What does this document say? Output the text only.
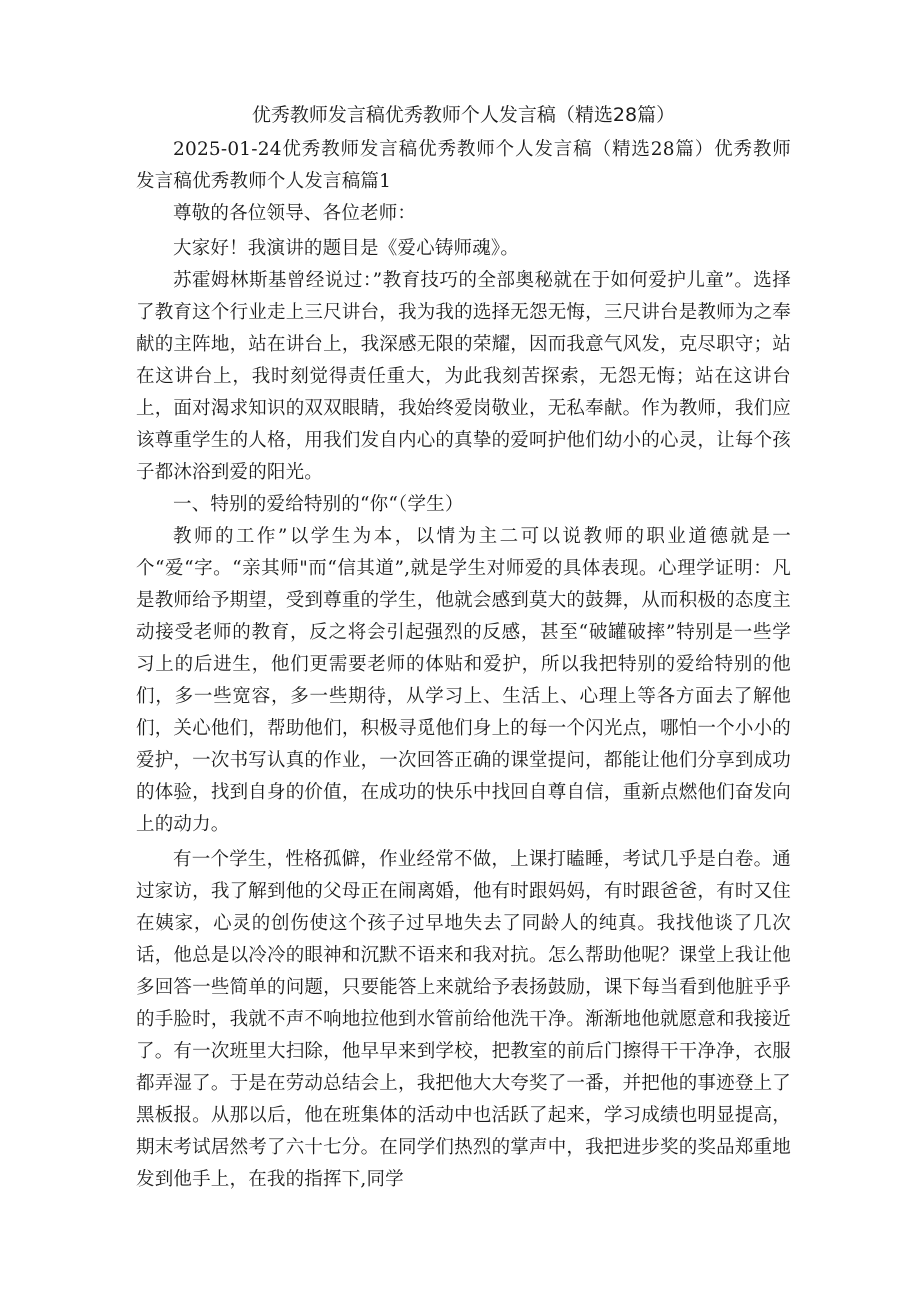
优秀教师发言稿优秀教师个人发言稿（精选28篇）

2025-01-24优秀教师发言稿优秀教师个人发言稿（精选28篇）优秀教师发言稿优秀教师个人发言稿篇1

尊敬的各位领导、各位老师：

大家好！我演讲的题目是《爱心铸师魂》。

苏霍姆林斯基曾经说过：”教育技巧的全部奥秘就在于如何爱护儿童”。选择了教育这个行业走上三尺讲台，我为我的选择无怨无悔，三尺讲台是教师为之奉献的主阵地，站在讲台上，我深感无限的荣耀，因而我意气风发，克尽职守；站在这讲台上，我时刻觉得责任重大，为此我刻苦探索，无怨无悔；站在这讲台上，面对渴求知识的双双眼睛，我始终爱岗敬业，无私奉献。作为教师，我们应该尊重学生的人格，用我们发自内心的真挚的爱呵护他们幼小的心灵，让每个孩子都沐浴到爱的阳光。

一、特别的爱给特别的“你“（学生）

教师的工作”以学生为本，以情为主二可以说教师的职业道德就是一个“爱“字。“亲其师"而“信其道”,就是学生对师爱的具体表现。心理学证明：凡是教师给予期望，受到尊重的学生，他就会感到莫大的鼓舞，从而积极的态度主动接受老师的教育，反之将会引起强烈的反感，甚至“破罐破摔”特别是一些学习上的后进生，他们更需要老师的体贴和爱护，所以我把特别的爱给特别的他们，多一些宽容，多一些期待，从学习上、生活上、心理上等各方面去了解他们，关心他们，帮助他们，积极寻觅他们身上的每一个闪光点，哪怕一个小小的爱护，一次书写认真的作业，一次回答正确的课堂提问，都能让他们分享到成功的体验，找到自身的价值，在成功的快乐中找回自尊自信，重新点燃他们奋发向上的动力。

有一个学生，性格孤僻，作业经常不做，上课打瞌睡，考试几乎是白卷。通过家访，我了解到他的父母正在闹离婚，他有时跟妈妈，有时跟爸爸，有时又住在姨家，心灵的创伤使这个孩子过早地失去了同龄人的纯真。我找他谈了几次话，他总是以冷冷的眼神和沉默不语来和我对抗。怎么帮助他呢？课堂上我让他多回答一些简单的问题，只要能答上来就给予表扬鼓励，课下每当看到他脏乎乎的手脸时，我就不声不响地拉他到水管前给他洗干净。渐渐地他就愿意和我接近了。有一次班里大扫除，他早早来到学校，把教室的前后门擦得干干净净，衣服都弄湿了。于是在劳动总结会上，我把他大大夸奖了一番，并把他的事迹登上了黑板报。从那以后，他在班集体的活动中也活跃了起来，学习成绩也明显提高，期末考试居然考了六十七分。在同学们热烈的掌声中，我把进步奖的奖品郑重地发到他手上，在我的指挥下,同学
